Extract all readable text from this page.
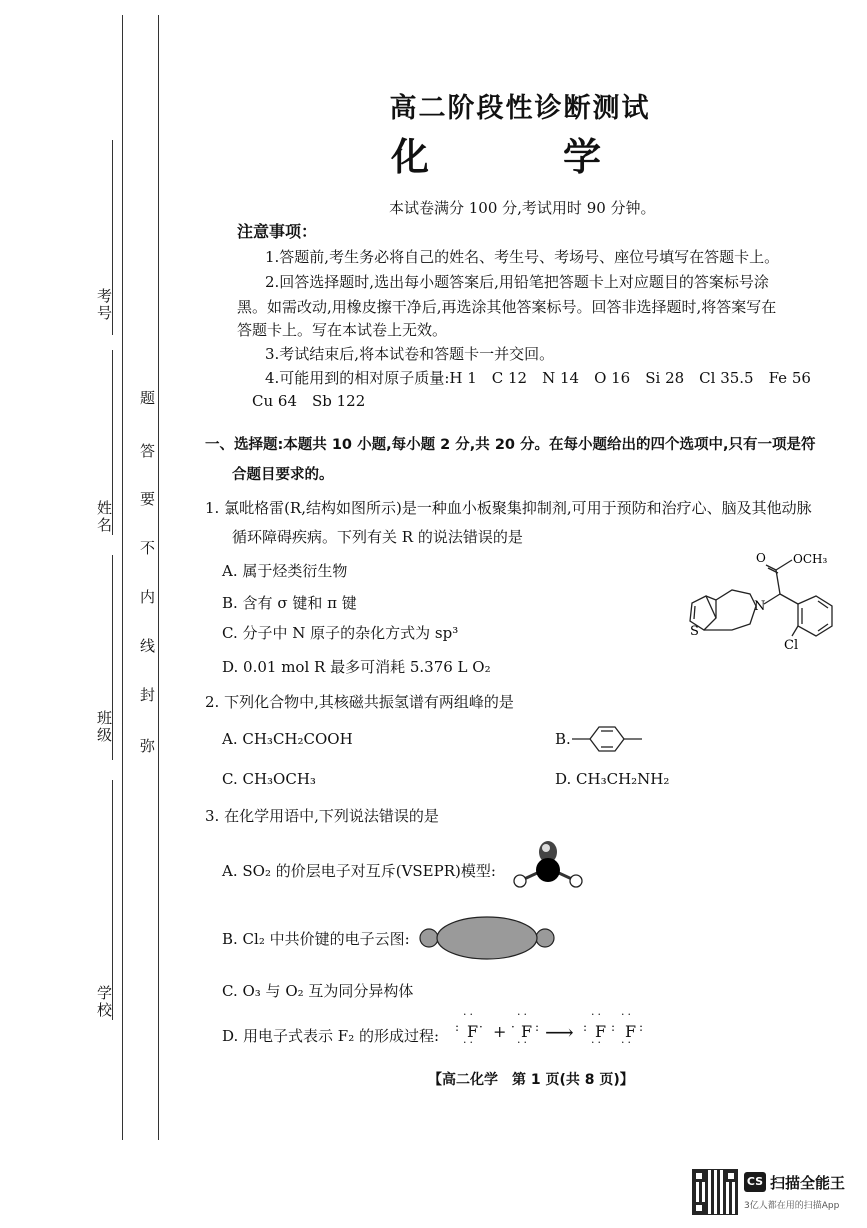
考号
姓名
班级
学校
题
答
要
不
内
线
封
弥
高二阶段性诊断测试
化　学
本试卷满分 100 分,考试用时 90 分钟。
注意事项：
1.答题前,考生务必将自己的姓名、考生号、考场号、座位号填写在答题卡上。
2.回答选择题时,选出每小题答案后,用铅笔把答题卡上对应题目的答案标号涂
黑。如需改动,用橡皮擦干净后,再选涂其他答案标号。回答非选择题时,将答案写在
答题卡上。写在本试卷上无效。
3.考试结束后,将本试卷和答题卡一并交回。
4.可能用到的相对原子质量:H 1　C 12　N 14　O 16　Si 28　Cl 35.5　Fe 56
Cu 64　Sb 122
一、选择题:本题共 10 小题,每小题 2 分,共 20 分。在每小题给出的四个选项中,只有一项是符
合题目要求的。
1. 氯吡格雷(R,结构如图所示)是一种血小板聚集抑制剂,可用于预防和治疗心、脑及其他动脉
循环障碍疾病。下列有关 R 的说法错误的是
A. 属于烃类衍生物
B. 含有 σ 键和 π 键
C. 分子中 N 原子的杂化方式为 sp³
D. 0.01 mol R 最多可消耗 5.376 L O₂
OCH₃
O
N
S
Cl
2. 下列化合物中,其核磁共振氢谱有两组峰的是
A. CH₃CH₂COOH	B.
C. CH₃OCH₃	D. CH₃CH₂NH₂
3. 在化学用语中,下列说法错误的是
A. SO₂ 的价层电子对互斥(VSEPR)模型:
B. Cl₂ 中共价键的电子云图:
C. O₃ 与 O₂ 互为同分异构体
D. 用电子式表示 F₂ 的形成过程: :
··
F
··
· + ·
··
F
··
: ⟶ :
··
F
··
:
··
F
··
:
【高二化学　第 1 页(共 8 页)】
CS 扫描全能王
3亿人都在用的扫描App
